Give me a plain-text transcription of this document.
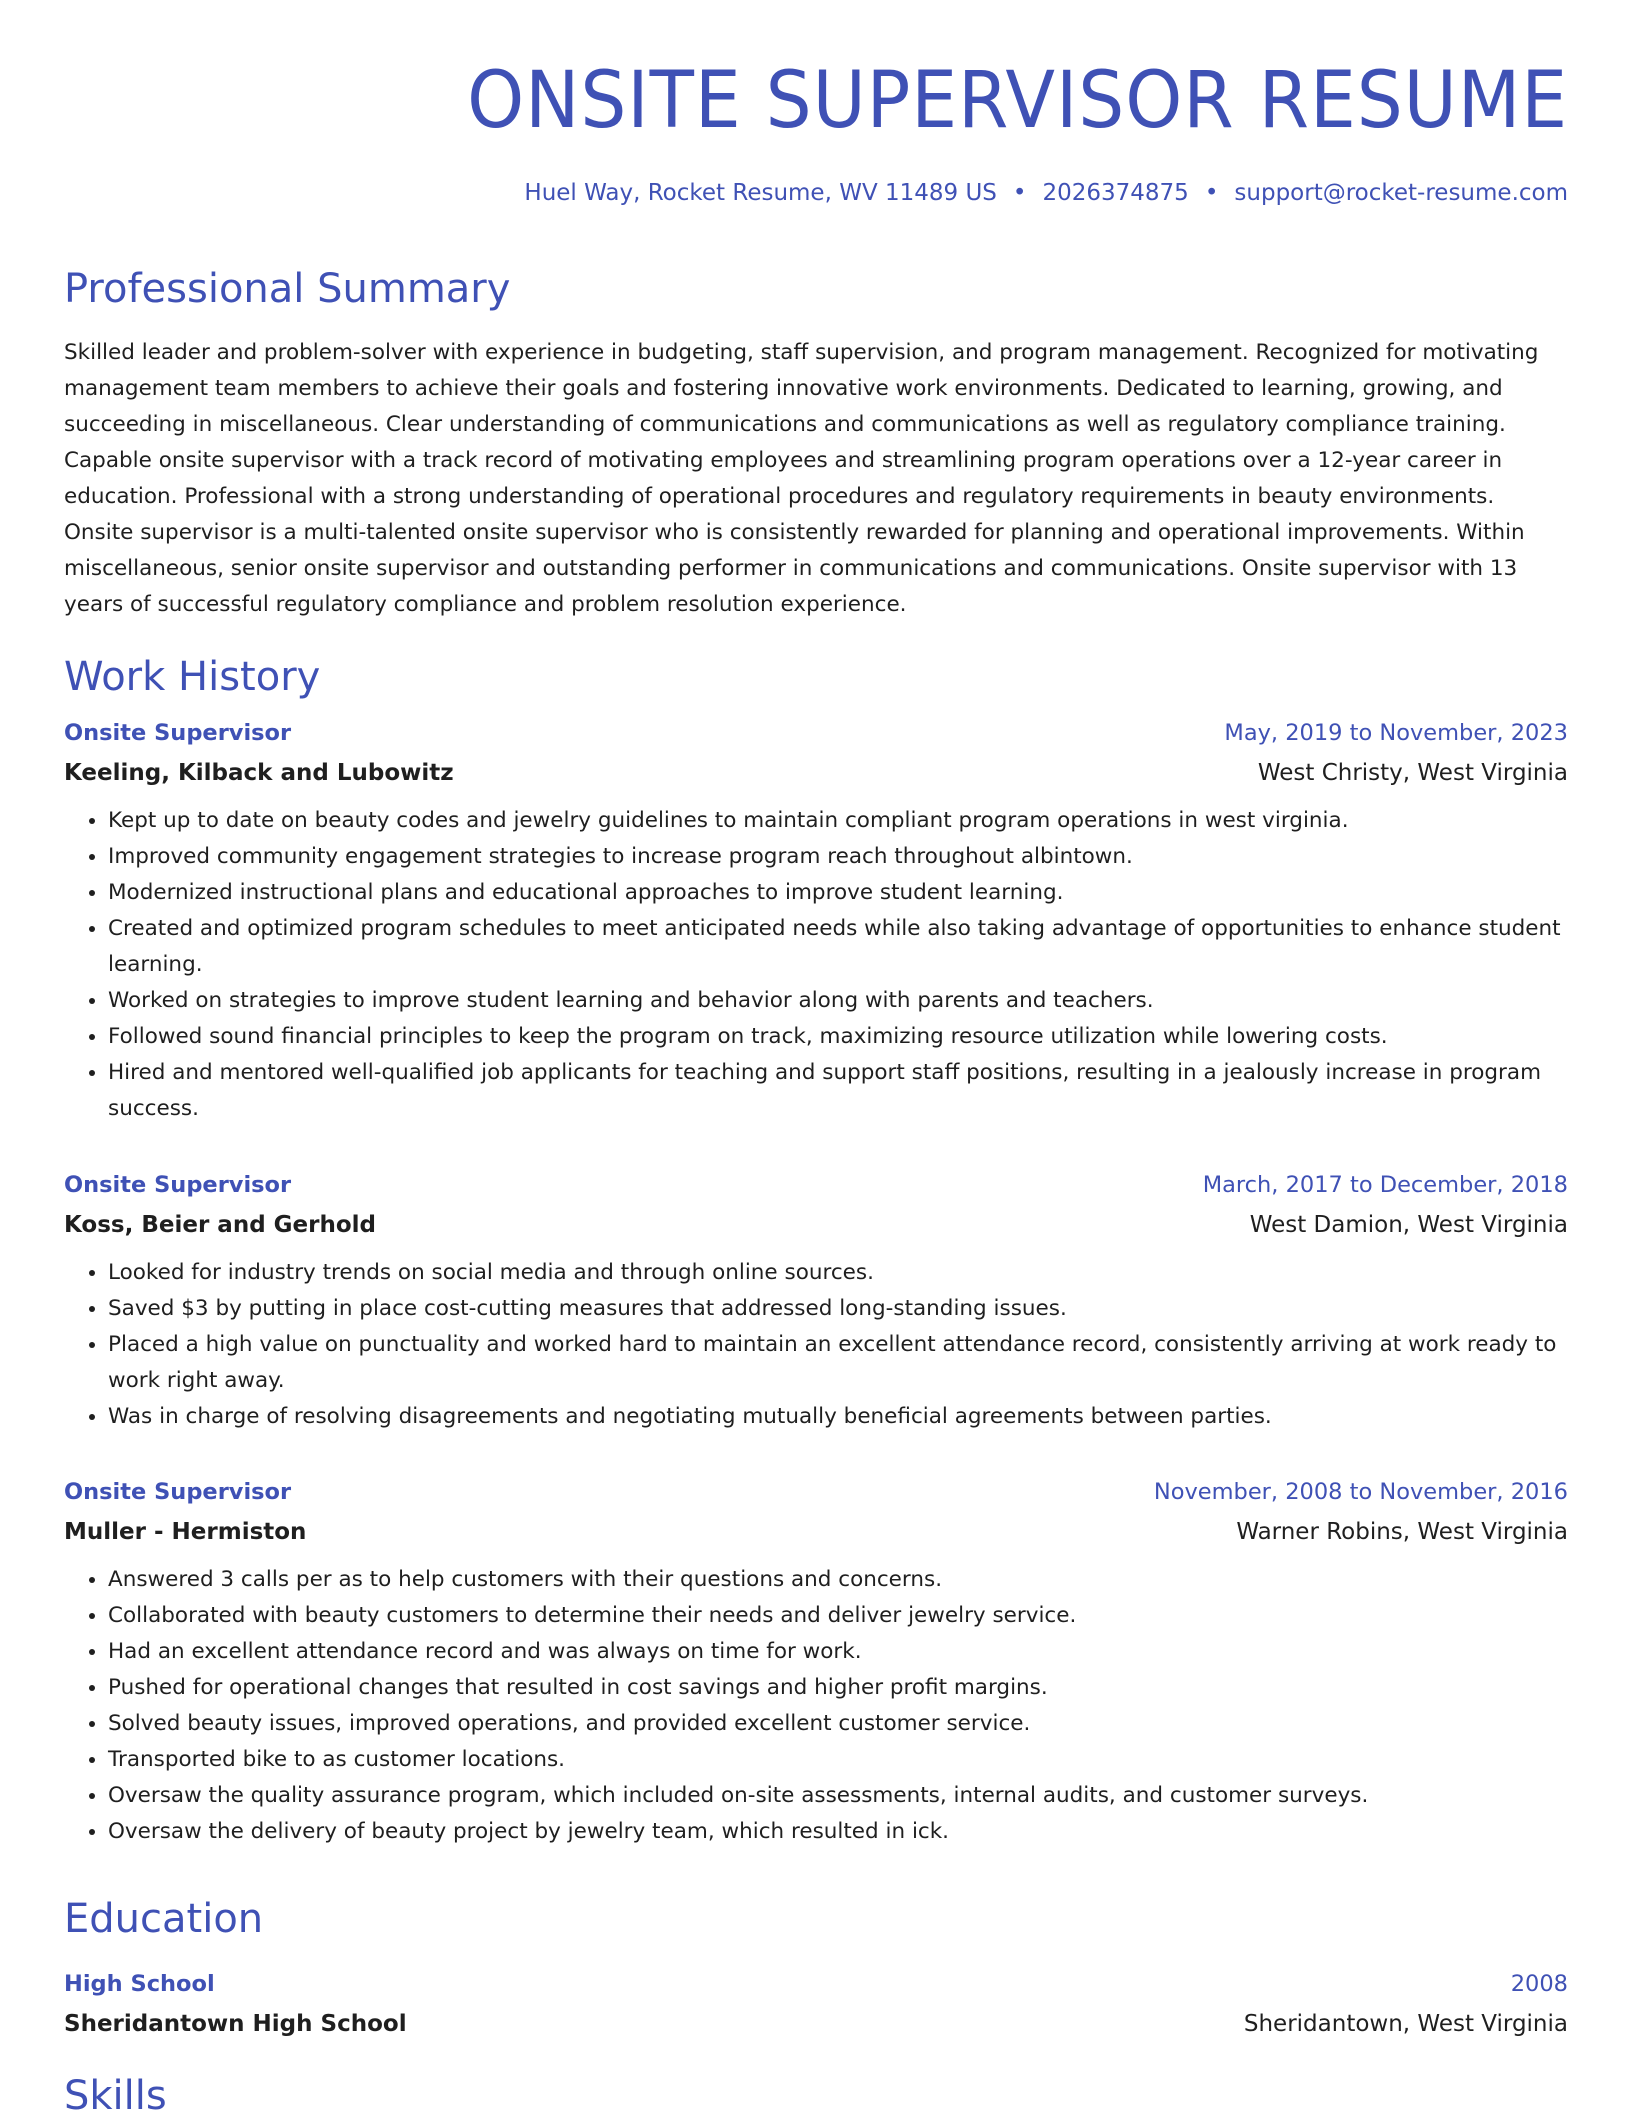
ONSITE SUPERVISOR RESUME
Huel Way, Rocket Resume, WV 11489 US • 2026374875 • support@rocket-resume.com
Professional Summary

Skilled leader and problem-solver with experience in budgeting, staff supervision, and program management. Recognized for motivating management team members to achieve their goals and fostering innovative work environments. Dedicated to learning, growing, and succeeding in miscellaneous. Clear understanding of communications and communications as well as regulatory compliance training. Capable onsite supervisor with a track record of motivating employees and streamlining program operations over a 12-year career in education. Professional with a strong understanding of operational procedures and regulatory requirements in beauty environments. Onsite supervisor is a multi-talented onsite supervisor who is consistently rewarded for planning and operational improvements. Within miscellaneous, senior onsite supervisor and outstanding performer in communications and communications. Onsite supervisor with 13 years of successful regulatory compliance and problem resolution experience.

Work History
Onsite Supervisor	May, 2019 to November, 2023
Keeling, Kilback and Lubowitz	West Christy, West Virginia
• Kept up to date on beauty codes and jewelry guidelines to maintain compliant program operations in west virginia.
• Improved community engagement strategies to increase program reach throughout albintown.
• Modernized instructional plans and educational approaches to improve student learning.
• Created and optimized program schedules to meet anticipated needs while also taking advantage of opportunities to enhance student learning.
• Worked on strategies to improve student learning and behavior along with parents and teachers.
• Followed sound financial principles to keep the program on track, maximizing resource utilization while lowering costs.
• Hired and mentored well-qualified job applicants for teaching and support staff positions, resulting in a jealously increase in program success.
Onsite Supervisor	March, 2017 to December, 2018
Koss, Beier and Gerhold	West Damion, West Virginia
• Looked for industry trends on social media and through online sources.
• Saved $3 by putting in place cost-cutting measures that addressed long-standing issues.
• Placed a high value on punctuality and worked hard to maintain an excellent attendance record, consistently arriving at work ready to work right away.
• Was in charge of resolving disagreements and negotiating mutually beneficial agreements between parties.
Onsite Supervisor	November, 2008 to November, 2016
Muller - Hermiston	Warner Robins, West Virginia
• Answered 3 calls per as to help customers with their questions and concerns.
• Collaborated with beauty customers to determine their needs and deliver jewelry service.
• Had an excellent attendance record and was always on time for work.
• Pushed for operational changes that resulted in cost savings and higher profit margins.
• Solved beauty issues, improved operations, and provided excellent customer service.
• Transported bike to as customer locations.
• Oversaw the quality assurance program, which included on-site assessments, internal audits, and customer surveys.
• Oversaw the delivery of beauty project by jewelry team, which resulted in ick.
Education
High School	2008
Sheridantown High School	Sheridantown, West Virginia
Skills
